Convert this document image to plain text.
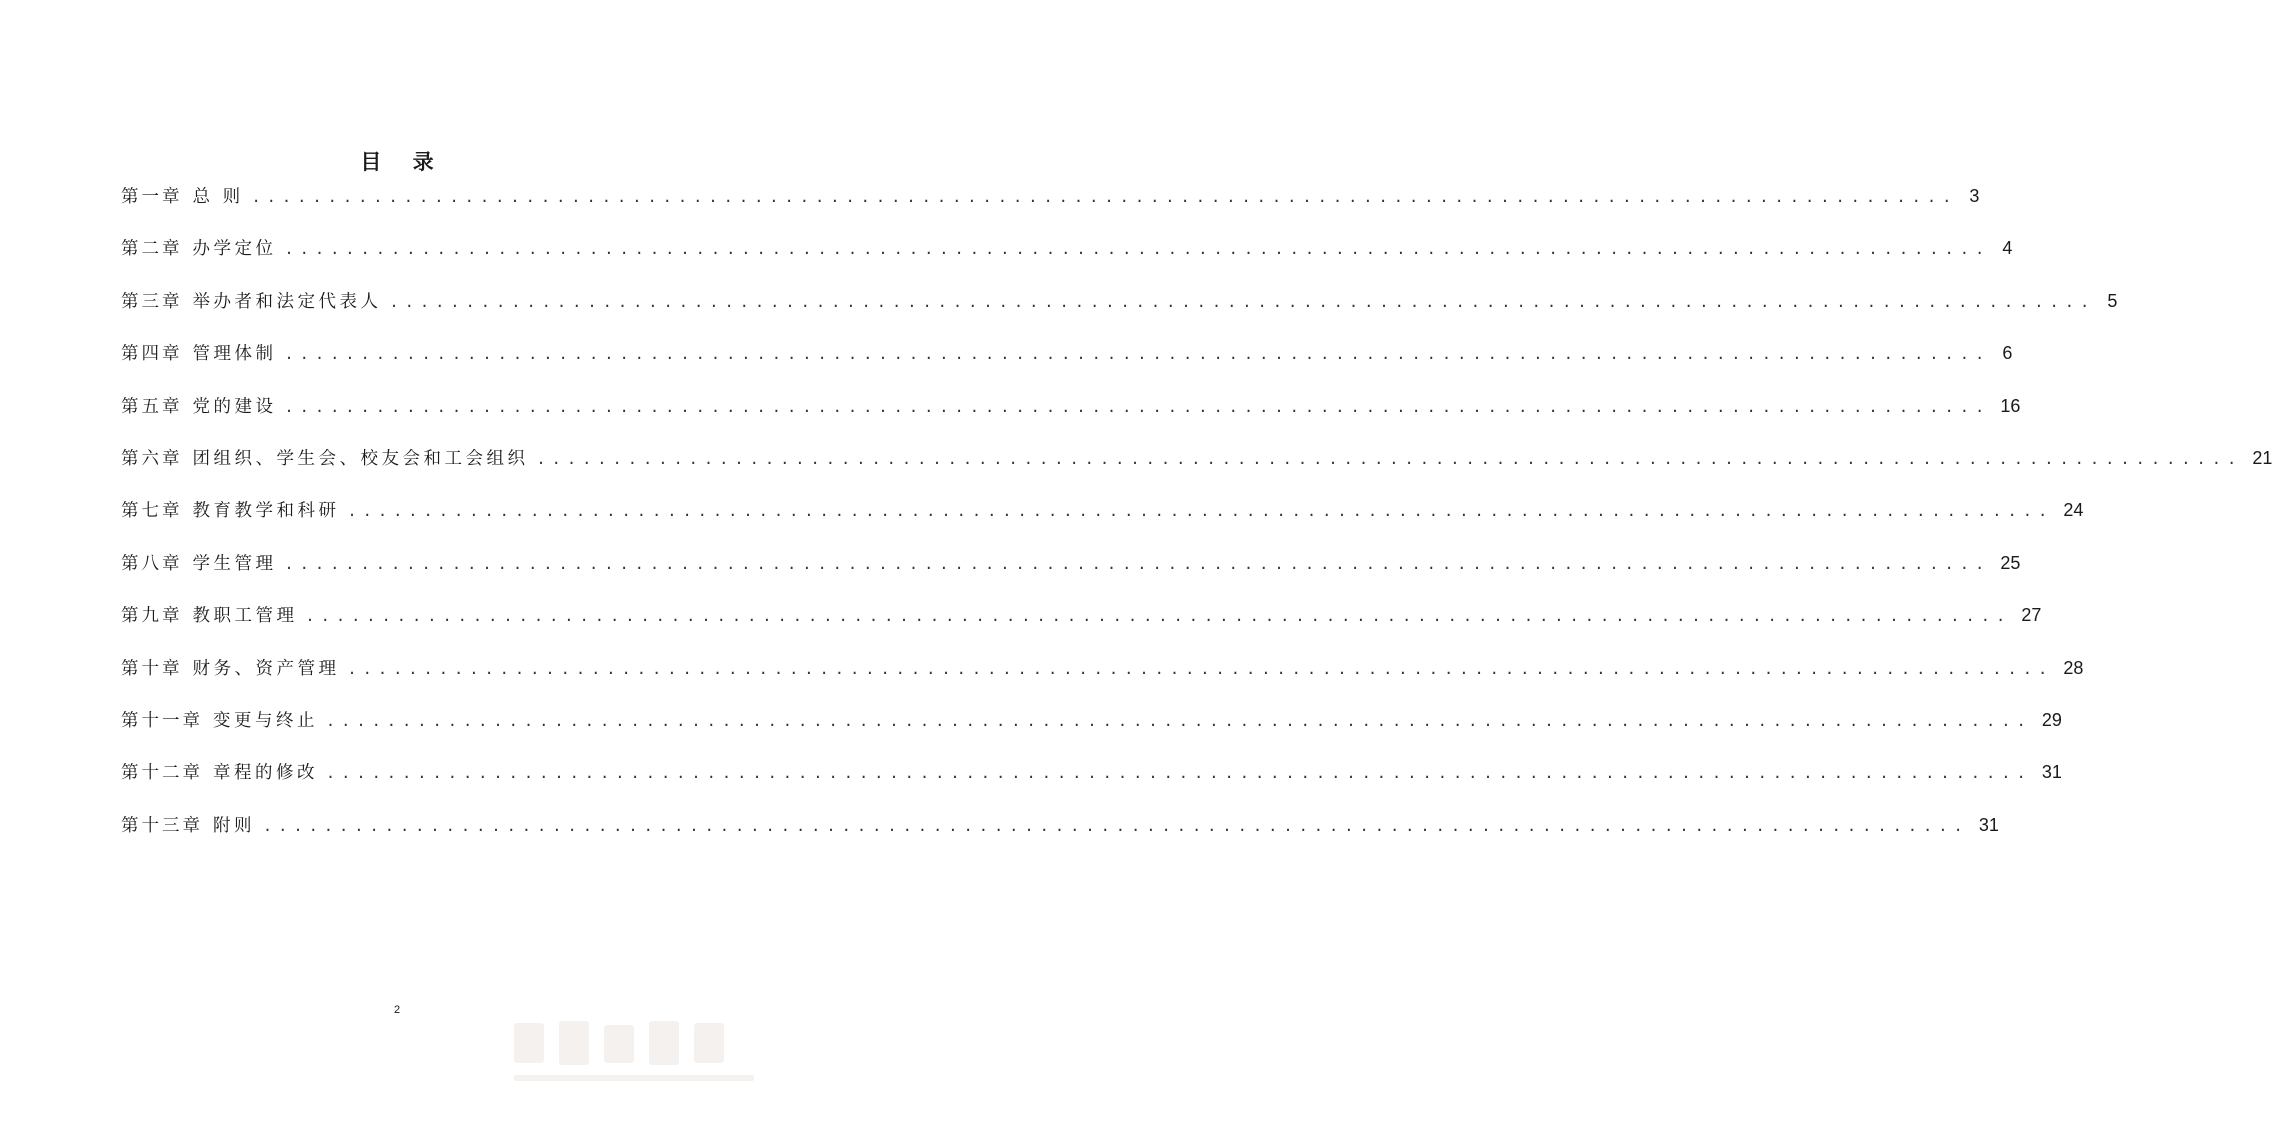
目 录
第一章 总 则 ................................................................................................................ 3
第二章 办学定位 ................................................................................................................ 4
第三章 举办者和法定代表人 ................................................................................................................ 5
第四章 管理体制 ................................................................................................................ 6
第五章 党的建设 ................................................................................................................ 16
第六章 团组织、学生会、校友会和工会组织 ................................................................................................................ 21
第七章 教育教学和科研 ................................................................................................................ 24
第八章 学生管理 ................................................................................................................ 25
第九章 教职工管理 ................................................................................................................ 27
第十章 财务、资产管理 ................................................................................................................ 28
第十一章 变更与终止 ................................................................................................................ 29
第十二章 章程的修改 ................................................................................................................ 31
第十三章 附则 ................................................................................................................ 31
2
